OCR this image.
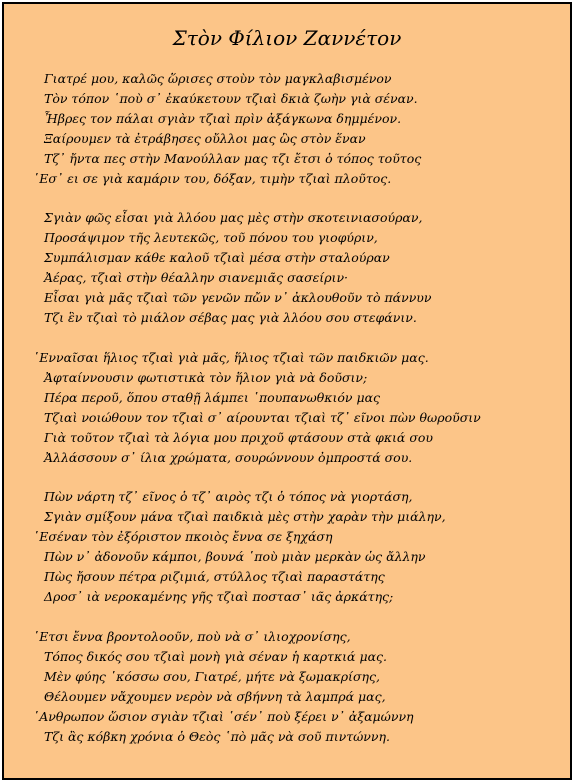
Στὸν Φίλιον Ζαννέτον
Γιατρέ μου, καλῶς ὥρισες στοὺν τὸν μαγκλαβισμένον
Τὸν τόπον ῾ποὺ σ᾽ ἐκαύκετουν τζιαὶ δκιὰ ζωὴν γιὰ σέναν.
Ἦβρες τον πάλαι σγιὰν τζιαὶ πρὶν ἀξάγκωνα δημμένον.
Ξαίρουμεν τὰ ἐτράβησες οὔλλοι μας ὣς στὸν ἕναν
Τζ᾽ ἤντα πες στὴν Μανούλλαν μας τζι ἔτσι ὁ τόπος τοῦτος
῾Εσ᾽ ει σε γιὰ καμάριν του, δόξαν, τιμὴν τζιαὶ πλοῦτος.
Σγιὰν φῶς εἶσαι γιὰ λλόου μας μὲς στὴν σκοτεινιασούραν,
Προσάψιμον τῆς λευτεκῶς, τοῦ πόνου του γιοφύριν,
Συμπάλισμαν κάθε καλοῦ τζιαὶ μέσα στὴν σταλούραν
Ἀέρας, τζιαὶ στὴν θέαλλην σιανεμιᾶς σασείριν·
Εἶσαι γιὰ μᾶς τζιαὶ τῶν γενῶν πὤν ν᾽ ἀκλουθοῦν τὸ πάννυν
Τζι ἓν τζιαὶ τὸ μιάλον σέβας μας γιὰ λλόου σου στεφάνιν.
῾Ενναῖσαι ἥλιος τζιαὶ γιὰ μᾶς, ἥλιος τζιαὶ τῶν παιδκιῶν μας.
Ἀφταίννουσιν φωτιστικὰ τὸν ἥλιον γιὰ νὰ δοῦσιν;
Πέρα περοῦ, ὅπου σταθῇ λάμπει ῾πουπανωθκιόν μας
Τζιαὶ νοιώθουν τον τζιαὶ σ᾽ αίρουνται τζιαὶ τζ᾽ εῖνοι πὼν θωροῦσιν
Γιὰ τοῦτον τζιαὶ τὰ λόγια μου πριχοῦ φτάσουν στὰ φκιά σου
Ἀλλάσσουν σ᾽ ίλια χρώματα, σουρώννουν ὀμπροστά σου.
Πὼν νάρτη τζ᾽ εῖνος ὁ τζ᾽ αιρὸς τζι ὁ τόπος νὰ γιορτάση,
Σγιὰν σμίξουν μάνα τζιαὶ παιδκιὰ μὲς στὴν χαρὰν τὴν μιάλην,
῾Εσέναν τὸν ἐξόριστον πκοιὸς ἔννα σε ξηχάση
Πὼν ν᾽ ἀδονοῦν κάμποι, βουνά ῾ποὺ μιὰν μερκὰν ὡς ἄλλην
Πὼς ἤσουν πέτρα ριζιμιά, στύλλος τζιαὶ παραστάτης
Δροσ᾽ ιὰ νεροκαμένης γῆς τζιαὶ ποστασ᾽ ιᾶς ἀρκάτης;
῾Ετσι ἔννα βροντολοοῦν, ποὺ νὰ σ᾽ ιλιοχρονίσης,
Τόπος δικός σου τζιαὶ μονὴ γιὰ σέναν ἡ καρτκιά μας.
Μὲν φύης ῾κόσσω σου, Γιατρέ, μήτε νὰ ξωμακρίσης,
Θέλουμεν νἄχουμεν νερὸν νὰ σβήννη τὰ λαμπρά μας,
῾Ανθρωπον ὥσιον σγιὰν τζιαὶ ῾σέν᾽ ποὺ ξέρει ν᾽ ἀξαμώννη
Τζι ἂς κόβκη χρόνια ὁ Θεὸς ῾πὸ μᾶς νὰ σοῦ πιντώννη.
